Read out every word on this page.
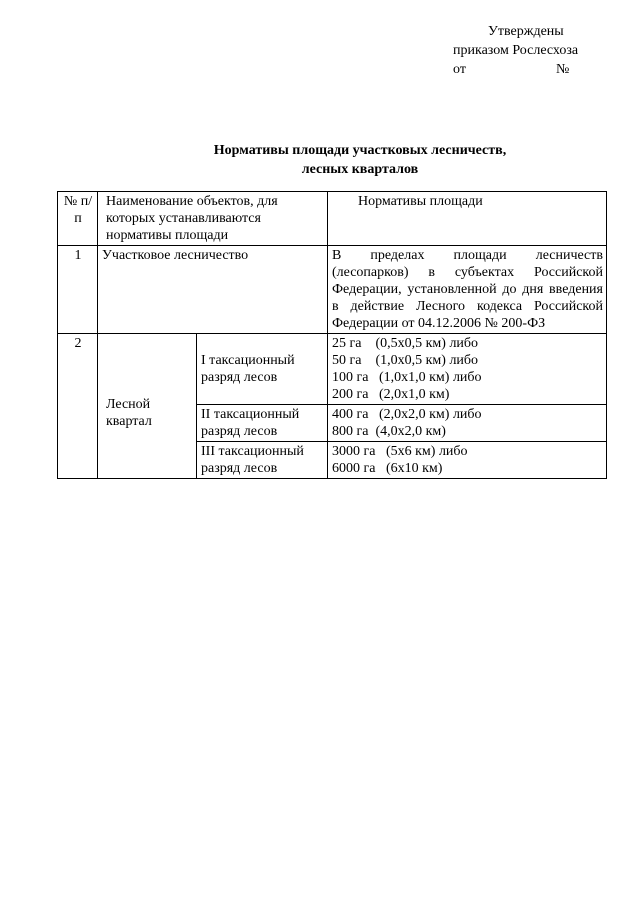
Утверждены
приказом Рослесхоза
от	№
Нормативы площади участковых лесничеств,
лесных кварталов
№ п/п	Наименование объектов, для которых устанавливаются нормативы площади		Нормативы площади
1	Участковое лесничество		В пределах площади лесничеств (лесопарков) в субъектах Российской Федерации, установленной до дня введения в действие Лесного кодекса Российской Федерации от 04.12.2006 № 200-ФЗ
2	Лесной квартал	I таксационный разряд лесов	25 га    (0,5х0,5 км) либо
50 га    (1,0х0,5 км) либо
100 га   (1,0х1,0 км) либо
200 га   (2,0х1,0 км)

		II таксационный разряд лесов	400 га   (2,0х2,0 км) либо
800 га  (4,0х2,0 км)

		III таксационный разряд лесов	3000 га   (5х6 км) либо
6000 га   (6х10 км)
